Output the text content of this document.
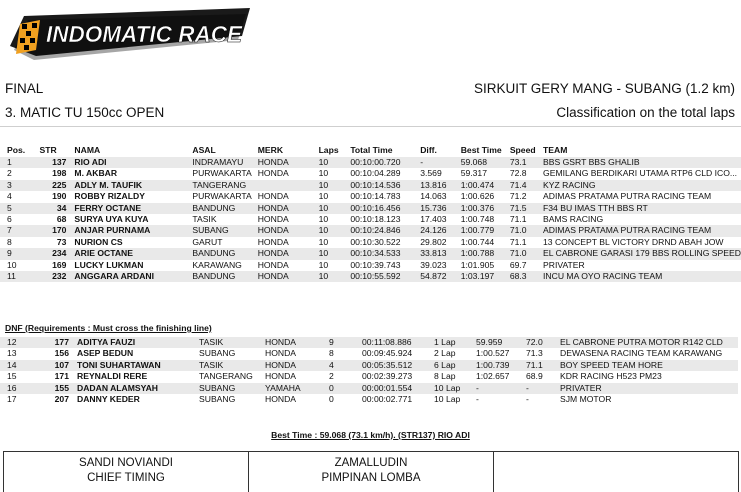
INDOMATIC RACE
FINAL	SIRKUIT GERY MANG - SUBANG (1.2 km)
3. MATIC TU 150cc OPEN	Classification on the total laps
Pos.	STR	NAMA	ASAL	MERK	Laps	Total Time	Diff.	Best Time	Speed	TEAM
1	137	RIO ADI	INDRAMAYU	HONDA	10	00:10:00.720	-	59.068	73.1	BBS GSRT BBS GHALIB
2	198	M. AKBAR	PURWAKARTA	HONDA	10	00:10:04.289	3.569	59.317	72.8	GEMILANG BERDIKARI UTAMA RTP6 CLD ICO...
3	225	ADLY M. TAUFIK	TANGERANG		10	00:10:14.536	13.816	1:00.474	71.4	KYZ RACING
4	190	ROBBY RIZALDY	PURWAKARTA	HONDA	10	00:10:14.783	14.063	1:00.626	71.2	ADIMAS PRATAMA PUTRA RACING TEAM
5	34	FERRY OCTANE	BANDUNG	HONDA	10	00:10:16.456	15.736	1:00.376	71.5	F34 BU IMAS TTH BBS RT
6	68	SURYA UYA KUYA	TASIK	HONDA	10	00:10:18.123	17.403	1:00.748	71.1	BAMS RACING
7	170	ANJAR PURNAMA	SUBANG	HONDA	10	00:10:24.846	24.126	1:00.779	71.0	ADIMAS PRATAMA PUTRA RACING TEAM
8	73	NURION CS	GARUT	HONDA	10	00:10:30.522	29.802	1:00.744	71.1	13 CONCEPT BL VICTORY DRND ABAH JOW
9	234	ARIE OCTANE	BANDUNG	HONDA	10	00:10:34.533	33.813	1:00.788	71.0	EL CABRONE GARASI 179 BBS ROLLING SPEED
10	169	LUCKY LUKMAN	KARAWANG	HONDA	10	00:10:39.743	39.023	1:01.905	69.7	PRIVATER
11	232	ANGGARA ARDANI	BANDUNG	HONDA	10	00:10:55.592	54.872	1:03.197	68.3	INCU MA OYO RACING TEAM
DNF (Requirements : Must cross the finishing line)
12	177	ADITYA FAUZI	TASIK	HONDA	9	00:11:08.886	1 Lap	59.959	72.0	EL CABRONE PUTRA MOTOR R142 CLD
13	156	ASEP BEDUN	SUBANG	HONDA	8	00:09:45.924	2 Lap	1:00.527	71.3	DEWASENA RACING TEAM KARAWANG
14	107	TONI SUHARTAWAN	TASIK	HONDA	4	00:05:35.512	6 Lap	1:00.739	71.1	BOY SPEED TEAM HORE
15	171	REYNALDI RERE	TANGERANG	HONDA	2	00:02:39.273	8 Lap	1:02.657	68.9	KDR RACING H523 PM23
16	155	DADAN ALAMSYAH	SUBANG	YAMAHA	0	00:00:01.554	10 Lap	-	-	PRIVATER
17	207	DANNY KEDER	SUBANG	HONDA	0	00:00:02.771	10 Lap	-	-	SJM MOTOR
Best Time : 59.068 (73.1 km/h). (STR137) RIO ADI
SANDI NOVIANDI
CHIEF TIMING
ZAMALLUDIN
PIMPINAN LOMBA
